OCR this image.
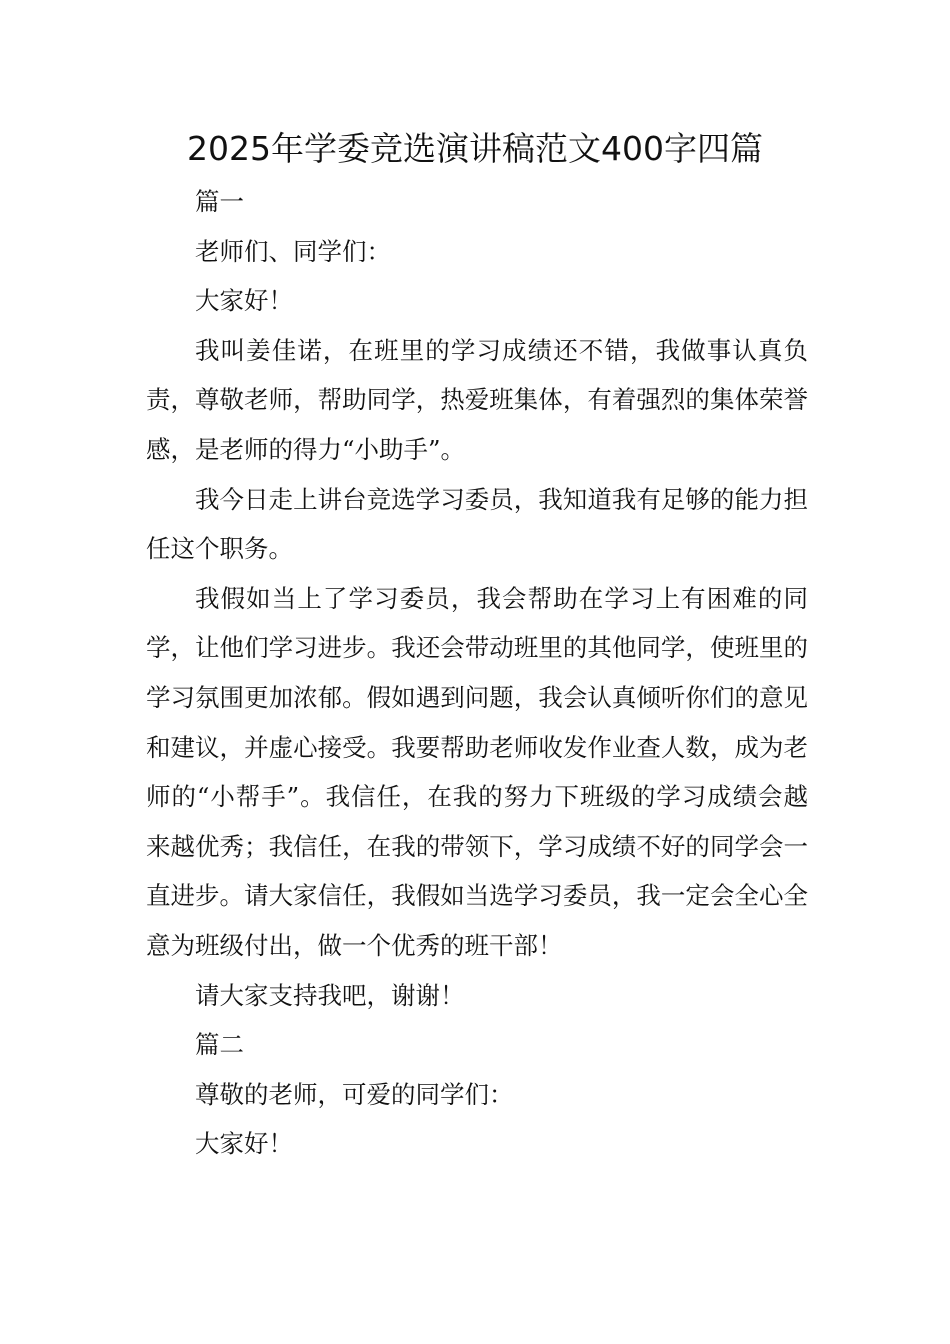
2025年学委竞选演讲稿范文400字四篇

篇一

老师们、同学们：

大家好！

我叫姜佳诺，在班里的学习成绩还不错，我做事认真负责，尊敬老师，帮助同学，热爱班集体，有着强烈的集体荣誉感，是老师的得力“小助手”。

我今日走上讲台竞选学习委员，我知道我有足够的能力担任这个职务。

我假如当上了学习委员，我会帮助在学习上有困难的同学，让他们学习进步。我还会带动班里的其他同学，使班里的学习氛围更加浓郁。假如遇到问题，我会认真倾听你们的意见和建议，并虚心接受。我要帮助老师收发作业查人数，成为老师的“小帮手”。我信任，在我的努力下班级的学习成绩会越来越优秀；我信任，在我的带领下，学习成绩不好的同学会一直进步。请大家信任，我假如当选学习委员，我一定会全心全意为班级付出，做一个优秀的班干部！

请大家支持我吧，谢谢！

篇二

尊敬的老师，可爱的同学们：

大家好！
